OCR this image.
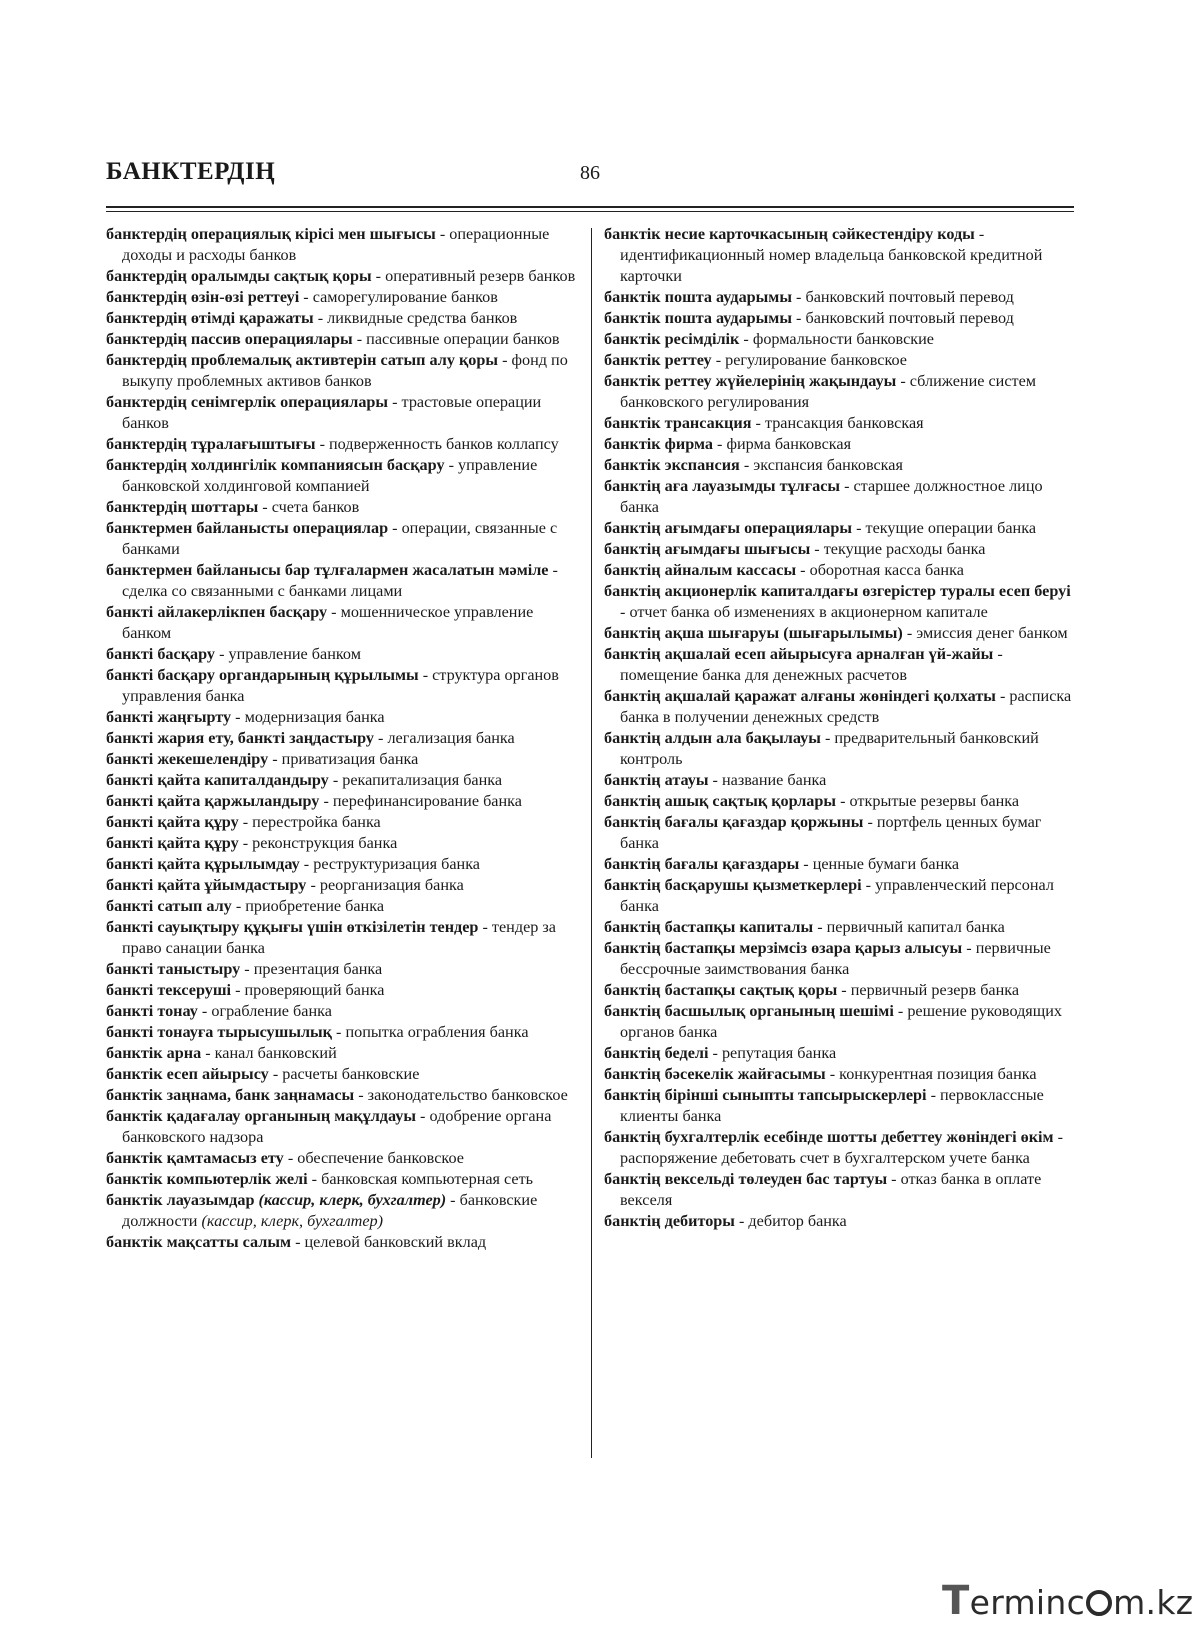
БАНКТЕРДІҢ	86

банктердің операциялық кірісі мен шығысы - операционные доходы и расходы банков

банктердің оралымды сақтық қоры - оперативный резерв банков

банктердің өзін-өзі реттеуі - саморегулирование банков

банктердің өтімді қаражаты - ликвидные средства банков

банктердің пассив операциялары - пассивные операции банков

банктердің проблемалық активтерін сатып алу қоры - фонд по выкупу проблемных активов банков

банктердің сенімгерлік операциялары - трастовые операции банков

банктердің тұралағыштығы - подверженность банков коллапсу

банктердің холдингілік компаниясын басқару - управление банковской холдинговой компанией

банктердің шоттары - счета банков

банктермен байланысты операциялар - операции, связанные с банками

банктермен байланысы бар тұлғалармен жасалатын мәміле - сделка со связанными с банками лицами

банкті айлакерлікпен басқару - мошенническое управление банком

банкті басқару - управление банком

банкті басқару органдарының құрылымы - структура органов управления банка

банкті жаңғырту - модернизация банка

банкті жария ету, банкті заңдастыру - легализация банка

банкті жекешелендіру - приватизация банка

банкті қайта капиталдандыру - рекапитализация банка

банкті қайта қаржыландыру - перефинансирование банка

банкті қайта құру - перестройка банка

банкті қайта құру - реконструкция банка

банкті қайта құрылымдау - реструктуризация банка

банкті қайта ұйымдастыру - реорганизация банка

банкті сатып алу - приобретение банка

банкті сауықтыру құқығы үшін өткізілетін тендер - тендер за право санации банка

банкті таныстыру - презентация банка

банкті тексеруші - проверяющий банка

банкті тонау - ограбление банка

банкті тонауға тырысушылық - попытка ограбления банка

банктік арна - канал банковский

банктік есеп айырысу - расчеты банковские

банктік заңнама, банк заңнамасы - законодательство банковское

банктік қадағалау органының мақұлдауы - одобрение органа банковского надзора

банктік қамтамасыз ету - обеспечение банковское

банктік компьютерлік желі - банковская компьютерная сеть

банктік лауазымдар (кассир, клерк, бухгалтер) - банковские должности (кассир, клерк, бухгалтер)

банктік мақсатты салым - целевой банковский вклад

банктік несие карточкасының сәйкестендіру коды - идентификационный номер владельца банковской кредитной карточки

банктік пошта аударымы - банковский почтовый перевод

банктік пошта аударымы - банковский почтовый перевод

банктік ресімділік - формальности банковские

банктік реттеу - регулирование банковское

банктік реттеу жүйелерінің жақындауы - сближение систем банковского регулирования

банктік трансакция - трансакция банковская

банктік фирма - фирма банковская

банктік экспансия - экспансия банковская

банктің аға лауазымды тұлғасы - старшее должностное лицо банка

банктің ағымдағы операциялары - текущие операции банка

банктің ағымдағы шығысы - текущие расходы банка

банктің айналым кассасы - оборотная касса банка

банктің акционерлік капиталдағы өзгерістер туралы есеп беруі - отчет банка об изменениях в акционерном капитале

банктің ақша шығаруы (шығарылымы) - эмиссия денег банком

банктің ақшалай есеп айырысуға арналған үй-жайы - помещение банка для денежных расчетов

банктің ақшалай қаражат алғаны жөніндегі қолхаты - расписка банка в получении денежных средств

банктің алдын ала бақылауы - предварительный банковский контроль

банктің атауы - название банка

банктің ашық сақтық қорлары - открытые резервы банка

банктің бағалы қағаздар қоржыны - портфель ценных бумаг банка

банктің бағалы қағаздары - ценные бумаги банка

банктің басқарушы қызметкерлері - управленческий персонал банка

банктің бастапқы капиталы - первичный капитал банка

банктің бастапқы мерзімсіз өзара қарыз алысуы - первичные бессрочные заимствования банка

банктің бастапқы сақтық қоры - первичный резерв банка

банктің басшылық органының шешімі - решение руководящих органов банка

банктің беделі - репутация банка

банктің бәсекелік жайғасымы - конкурентная позиция банка

банктің бірінші сыныпты тапсырыскерлері - первоклассные клиенты банка

банктің бухгалтерлік есебінде шотты дебеттеу жөніндегі өкім - распоряжение дебетовать счет в бухгалтерском учете банка

банктің вексельді төлеуден бас тартуы - отказ банка в оплате векселя

банктің дебиторы - дебитор банка

Terminc m.kz
